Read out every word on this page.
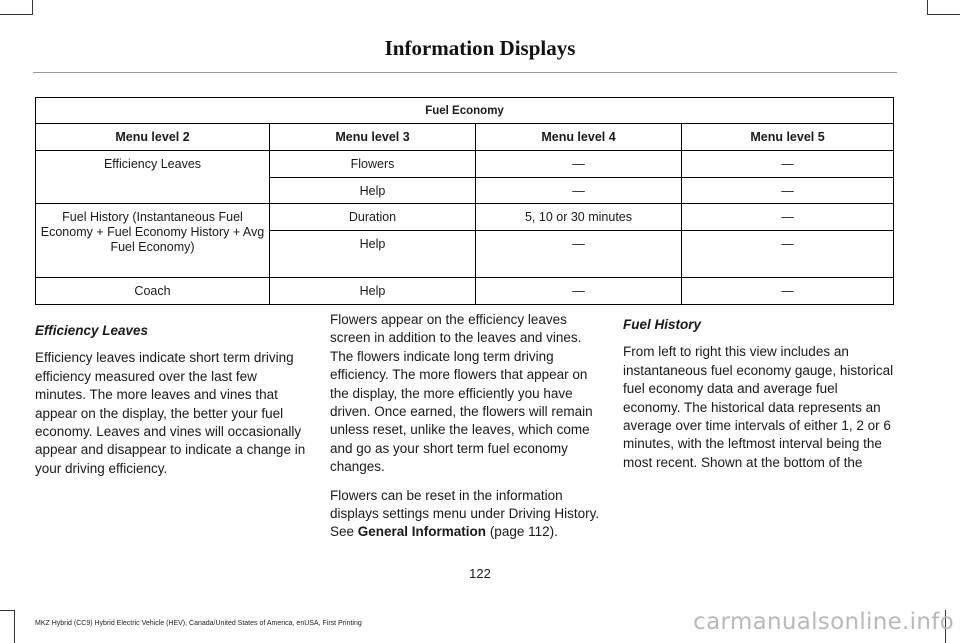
Information Displays
Fuel Economy			
Menu level 2	Menu level 3	Menu level 4	Menu level 5
Efficiency Leaves	Flowers	—	—
	Help	—	—
Fuel History (Instantaneous Fuel Economy + Fuel Economy History + Avg Fuel Economy)	Duration	5, 10 or 30 minutes	—
	Help	—	—
Coach	Help	—	—

Efficiency Leaves

Efficiency leaves indicate short term driving efficiency measured over the last few minutes. The more leaves and vines that appear on the display, the better your fuel economy. Leaves and vines will occasionally appear and disappear to indicate a change in your driving efficiency.

Flowers appear on the efficiency leaves screen in addition to the leaves and vines. The flowers indicate long term driving efficiency. The more flowers that appear on the display, the more efficiently you have driven. Once earned, the flowers will remain unless reset, unlike the leaves, which come and go as your short term fuel economy changes.

Flowers can be reset in the information displays settings menu under Driving History. See General Information (page 112).

Fuel History

From left to right this view includes an instantaneous fuel economy gauge, historical fuel economy data and average fuel economy. The historical data represents an average over time intervals of either 1, 2 or 6 minutes, with the leftmost interval being the most recent. Shown at the bottom of the

122
MKZ Hybrid (CC9) Hybrid Electric Vehicle (HEV), Canada/United States of America, enUSA, First Printing	carmanualsonline.info
